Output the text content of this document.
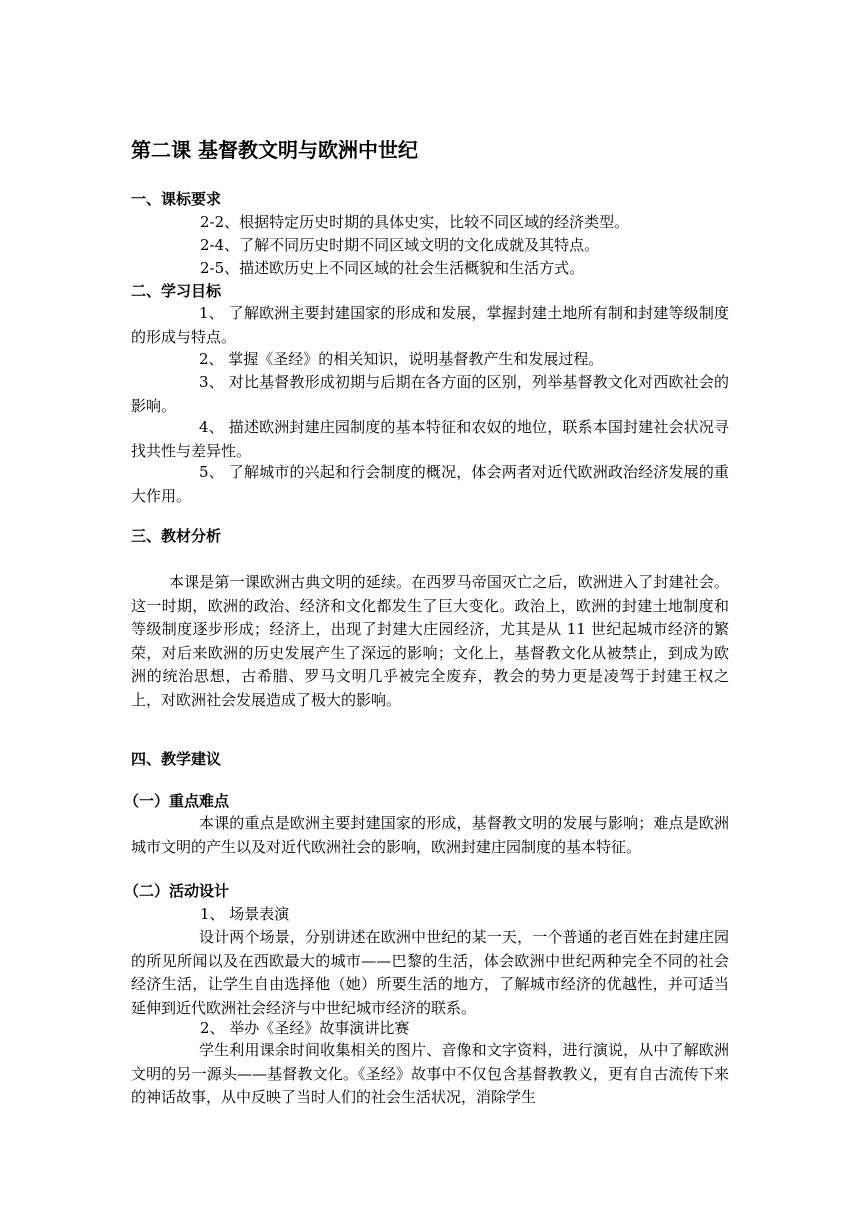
第二课 基督教文明与欧洲中世纪
一、课标要求
2-2、根据特定历史时期的具体史实，比较不同区域的经济类型。
2-4、了解不同历史时期不同区域文明的文化成就及其特点。
2-5、描述欧历史上不同区域的社会生活概貌和生活方式。
二、学习目标
1、 了解欧洲主要封建国家的形成和发展，掌握封建土地所有制和封建等级制度的形成与特点。
2、 掌握《圣经》的相关知识，说明基督教产生和发展过程。
3、 对比基督教形成初期与后期在各方面的区别，列举基督教文化对西欧社会的影响。
4、 描述欧洲封建庄园制度的基本特征和农奴的地位，联系本国封建社会状况寻找共性与差异性。
5、 了解城市的兴起和行会制度的概况，体会两者对近代欧洲政治经济发展的重大作用。
三、教材分析
本课是第一课欧洲古典文明的延续。在西罗马帝国灭亡之后，欧洲进入了封建社会。这一时期，欧洲的政治、经济和文化都发生了巨大变化。政治上，欧洲的封建土地制度和等级制度逐步形成；经济上，出现了封建大庄园经济，尤其是从 11 世纪起城市经济的繁荣，对后来欧洲的历史发展产生了深远的影响；文化上，基督教文化从被禁止，到成为欧洲的统治思想，古希腊、罗马文明几乎被完全废弃，教会的势力更是凌驾于封建王权之上，对欧洲社会发展造成了极大的影响。
四、教学建议
（一）重点难点
本课的重点是欧洲主要封建国家的形成，基督教文明的发展与影响；难点是欧洲城市文明的产生以及对近代欧洲社会的影响，欧洲封建庄园制度的基本特征。
（二）活动设计
1、 场景表演
设计两个场景，分别讲述在欧洲中世纪的某一天，一个普通的老百姓在封建庄园的所见所闻以及在西欧最大的城市——巴黎的生活，体会欧洲中世纪两种完全不同的社会经济生活，让学生自由选择他（她）所要生活的地方，了解城市经济的优越性，并可适当延伸到近代欧洲社会经济与中世纪城市经济的联系。
2、 举办《圣经》故事演讲比赛
学生利用课余时间收集相关的图片、音像和文字资料，进行演说，从中了解欧洲文明的另一源头——基督教文化。《圣经》故事中不仅包含基督教教义，更有自古流传下来的神话故事，从中反映了当时人们的社会生活状况，消除学生
